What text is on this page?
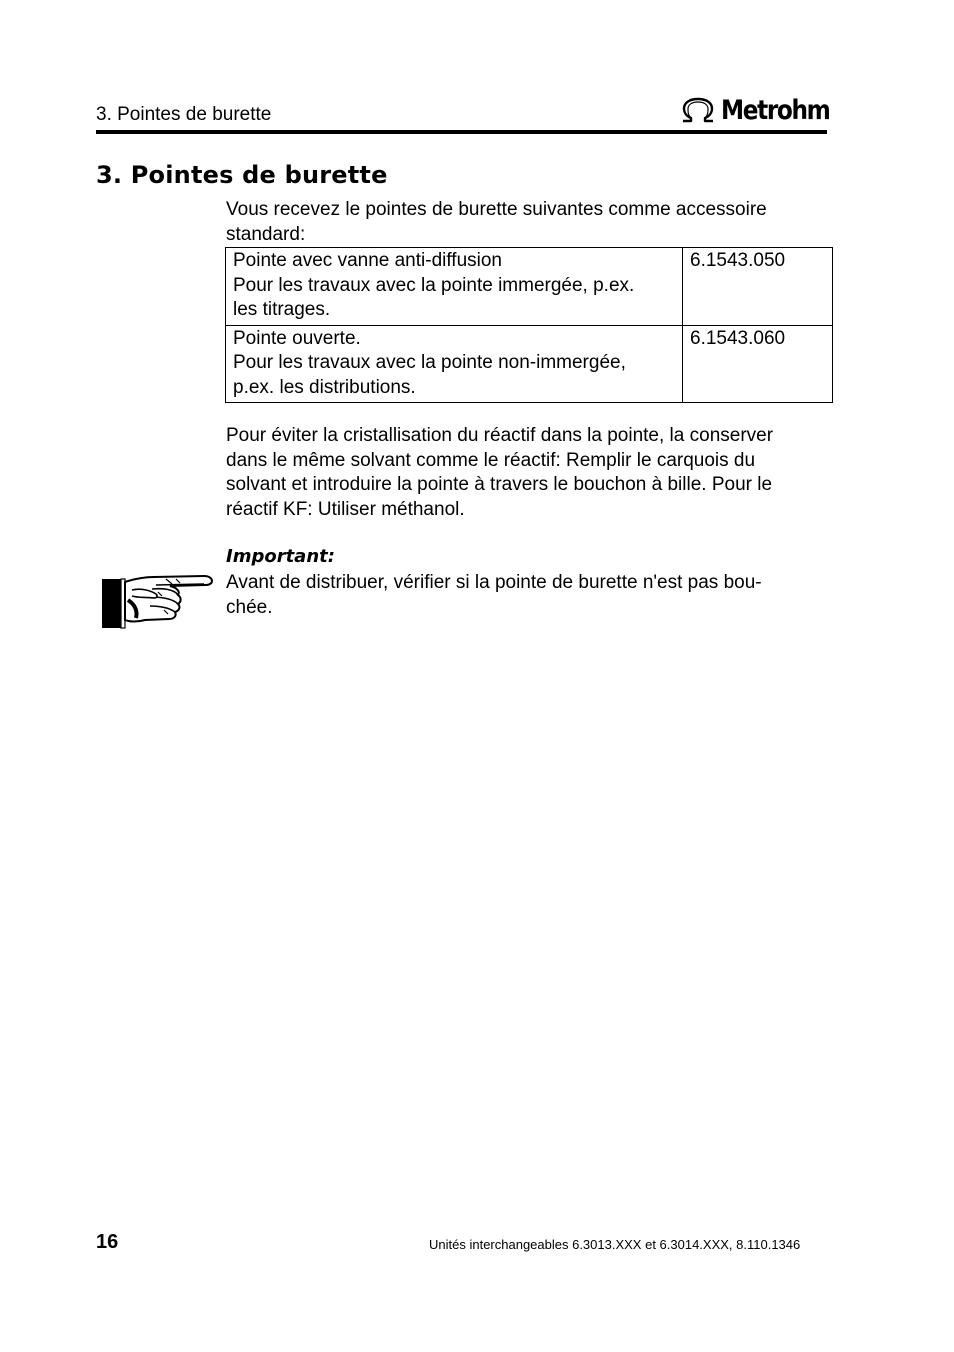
3. Pointes de burette	Metrohm
3. Pointes de burette
Vous recevez le pointes de burette suivantes comme accessoire
standard:
Pointe avec vanne anti-diffusion
Pour les travaux avec la pointe immergée, p.ex.
les titrages.	6.1543.050

Pointe ouverte.
Pour les travaux avec la pointe non-immergée,
p.ex. les distributions.	6.1543.060
Pour éviter la cristallisation du réactif dans la pointe, la conserver
dans le même solvant comme le réactif: Remplir le carquois du
solvant et introduire la pointe à travers le bouchon à bille. Pour le
réactif KF: Utiliser méthanol.
Important:
Avant de distribuer, vérifier si la pointe de burette n'est pas bou-
chée.
16	Unités interchangeables 6.3013.XXX et 6.3014.XXX, 8.110.1346
